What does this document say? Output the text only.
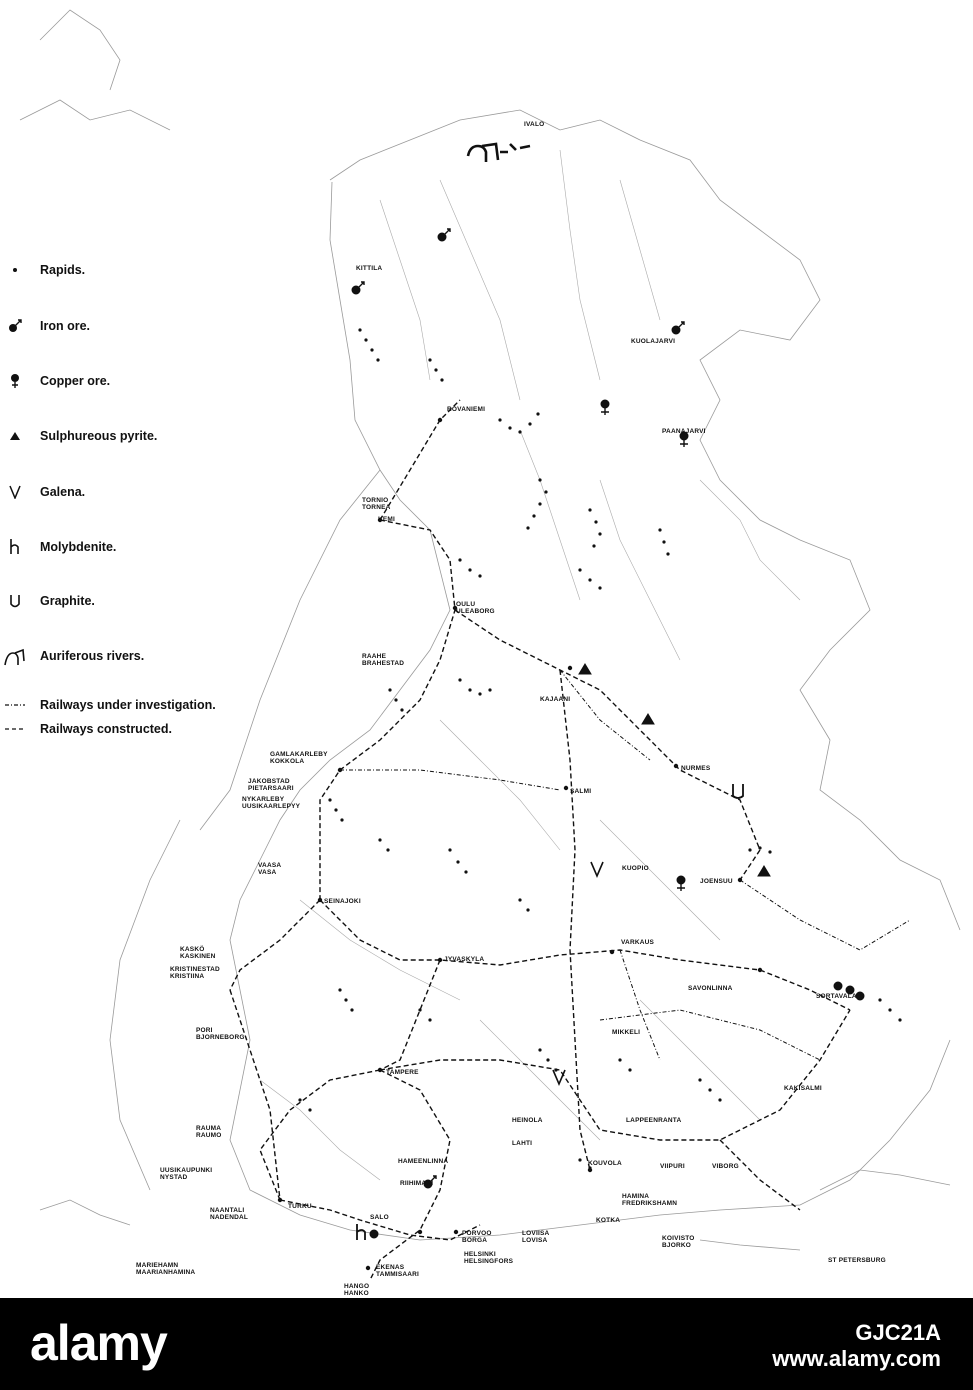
Rapids.
Iron ore.
Copper ore.
Sulphureous pyrite.
Galena.
Molybdenite.
Graphite.
Auriferous rivers.
Railways under investigation.
Railways constructed.
IVALO
KITTILA
KUOLAJARVI
ROVANIEMI
PAANAJARVI
TORNIO
TORNEA
KEMI
OULU
ULEABORG
RAAHE
BRAHESTAD
KAJAANI
NURMES
GAMLAKARLEBY
KOKKOLA
JAKOBSTAD
PIETARSAARI
NYKARLEBY
UUSIKAARLEPYY
SALMI
VAASA
VASA
KUOPIO
JOENSUU
SEINAJOKI
KASKÖ
KASKINEN
KRISTINESTAD
KRISTIINA
VARKAUS
JYVASKYLA
SAVONLINNA
SORTAVALA
PORI
BJORNEBORG
MIKKELI
TAMPERE
KAKISALMI
HEINOLA	LAPPEENRANTA
RAUMA
RAUMO
LAHTI
HAMEENLINNA	KOUVOLA	VIIPURI	VIBORG
UUSIKAUPUNKI
NYSTAD
RIIHIMAKI
HAMINA
FREDRIKSHAMN
NAANTALI
NADENDAL
TURKU
SALO	KOTKA
KOIVISTO
BJORKO
PORVOO
BORGA
LOVIISA
LOVISA
ST PETERSBURG
HELSINKI
HELSINGFORS
MARIEHAMN
MAARIANHAMINA
EKENAS
TAMMISAARI
HANGO
HANKO
alamy	GJC21A
www.alamy.com
